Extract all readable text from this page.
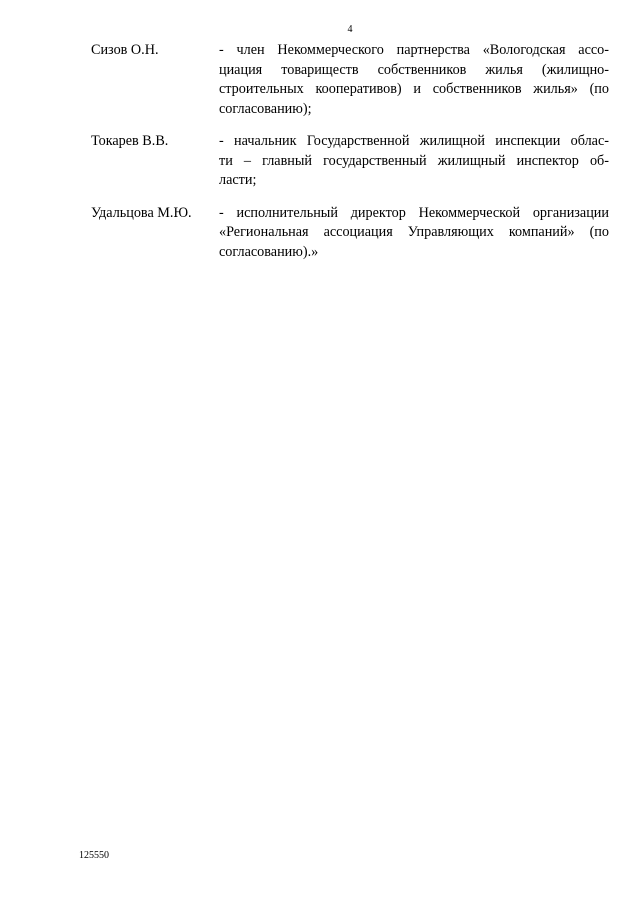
4
Сизов О.Н.	- член Некоммерческого партнерства «Вологодская ассо-
циация товариществ собственников жилья (жилищно-
строительных кооперативов) и собственников жилья» (по
согласованию);
Токарев В.В.	- начальник Государственной жилищной инспекции облас-
ти – главный государственный жилищный инспектор об-
ласти;
Удальцова М.Ю.	- исполнительный директор Некоммерческой организации
«Региональная ассоциация Управляющих компаний» (по
согласованию).»
125550
